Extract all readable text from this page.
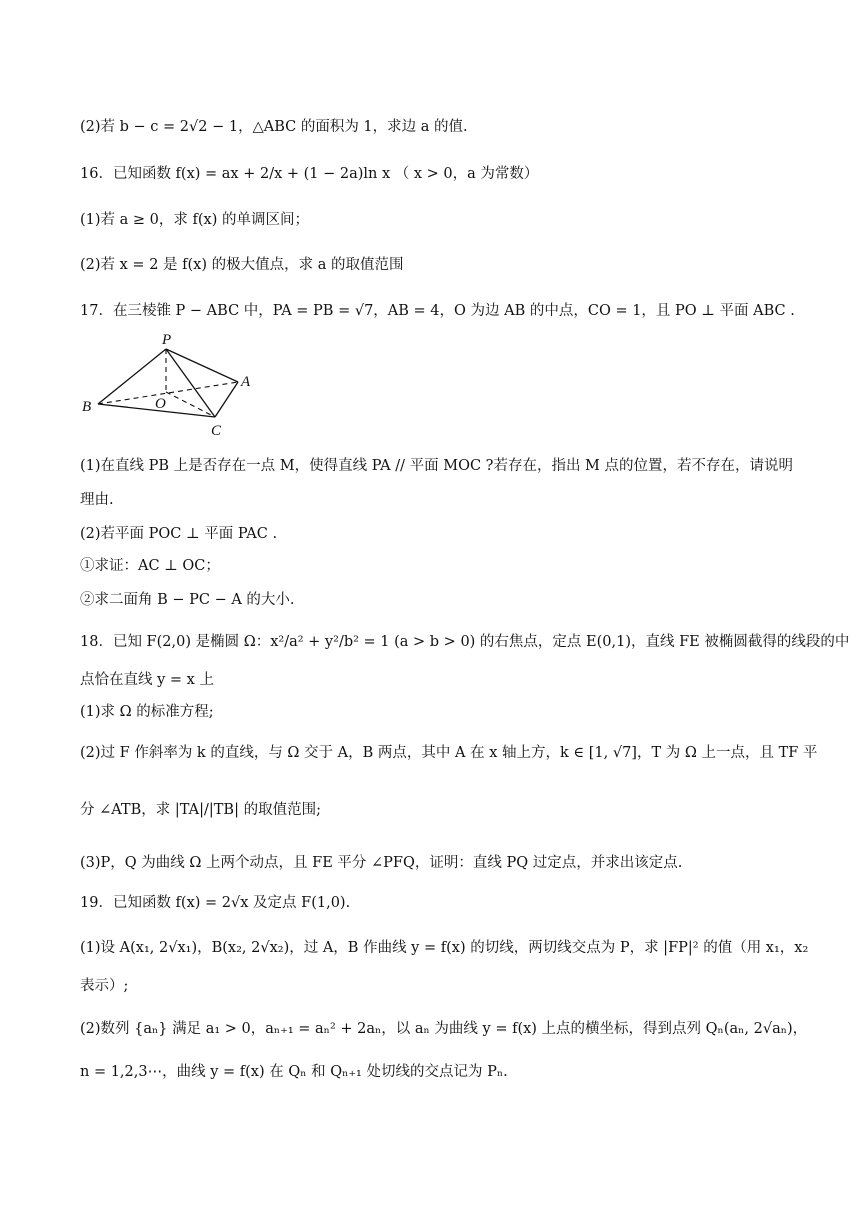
(2)若 b − c = 2√2 − 1，△ABC 的面积为 1，求边 a 的值.
16．已知函数 f(x) = ax + 2/x + (1 − 2a)ln x （ x > 0，a 为常数）
(1)若 a ≥ 0，求 f(x) 的单调区间；
(2)若 x = 2 是 f(x) 的极大值点，求 a 的取值范围
17．在三棱锥 P − ABC 中，PA = PB = √7，AB = 4，O 为边 AB 的中点，CO = 1，且 PO ⊥ 平面 ABC .
P
A
B	O
C
(1)在直线 PB 上是否存在一点 M，使得直线 PA // 平面 MOC ?若存在，指出 M 点的位置，若不存在，请说明
理由.
(2)若平面 POC ⊥ 平面 PAC .
①求证：AC ⊥ OC；
②求二面角 B − PC − A 的大小.
18．已知 F(2,0) 是椭圆 Ω：x²/a² + y²/b² = 1 (a > b > 0) 的右焦点，定点 E(0,1)，直线 FE 被椭圆截得的线段的中
点恰在直线 y = x 上
(1)求 Ω 的标准方程;
(2)过 F 作斜率为 k 的直线，与 Ω 交于 A，B 两点，其中 A 在 x 轴上方，k ∈ [1, √7]，T 为 Ω 上一点，且 TF 平
分 ∠ATB，求 |TA|/|TB| 的取值范围;
(3)P，Q 为曲线 Ω 上两个动点，且 FE 平分 ∠PFQ，证明：直线 PQ 过定点，并求出该定点.
19．已知函数 f(x) = 2√x 及定点 F(1,0).
(1)设 A(x₁, 2√x₁)，B(x₂, 2√x₂)，过 A，B 作曲线 y = f(x) 的切线，两切线交点为 P，求 |FP|² 的值（用 x₁，x₂
表示）;
(2)数列 {aₙ} 满足 a₁ > 0，aₙ₊₁ = aₙ² + 2aₙ，以 aₙ 为曲线 y = f(x) 上点的横坐标，得到点列 Qₙ(aₙ, 2√aₙ)，
n = 1,2,3⋯，曲线 y = f(x) 在 Qₙ 和 Qₙ₊₁ 处切线的交点记为 Pₙ.
